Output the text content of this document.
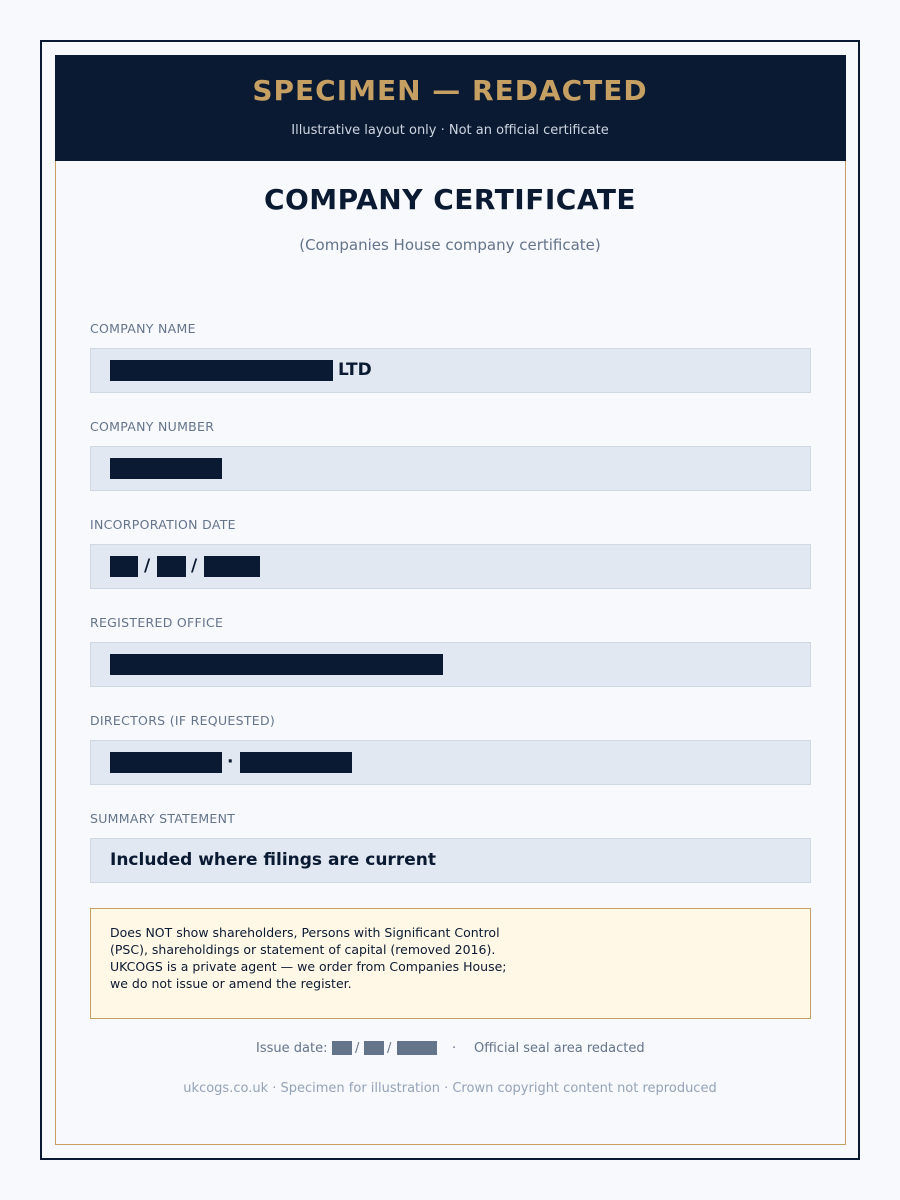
SPECIMEN — REDACTED
Illustrative layout only · Not an official certificate
COMPANY CERTIFICATE
(Companies House company certificate)
COMPANY NAME
LTD
COMPANY NUMBER
INCORPORATION DATE
/ /
REGISTERED OFFICE
DIRECTORS (IF REQUESTED)
·
SUMMARY STATEMENT
Included where filings are current
Does NOT show shareholders, Persons with Significant Control
(PSC), shareholdings or statement of capital (removed 2016).
UKCOGS is a private agent — we order from Companies House;
we do not issue or amend the register.
Issue date: / /	· Official seal area redacted
ukcogs.co.uk · Specimen for illustration · Crown copyright content not reproduced
